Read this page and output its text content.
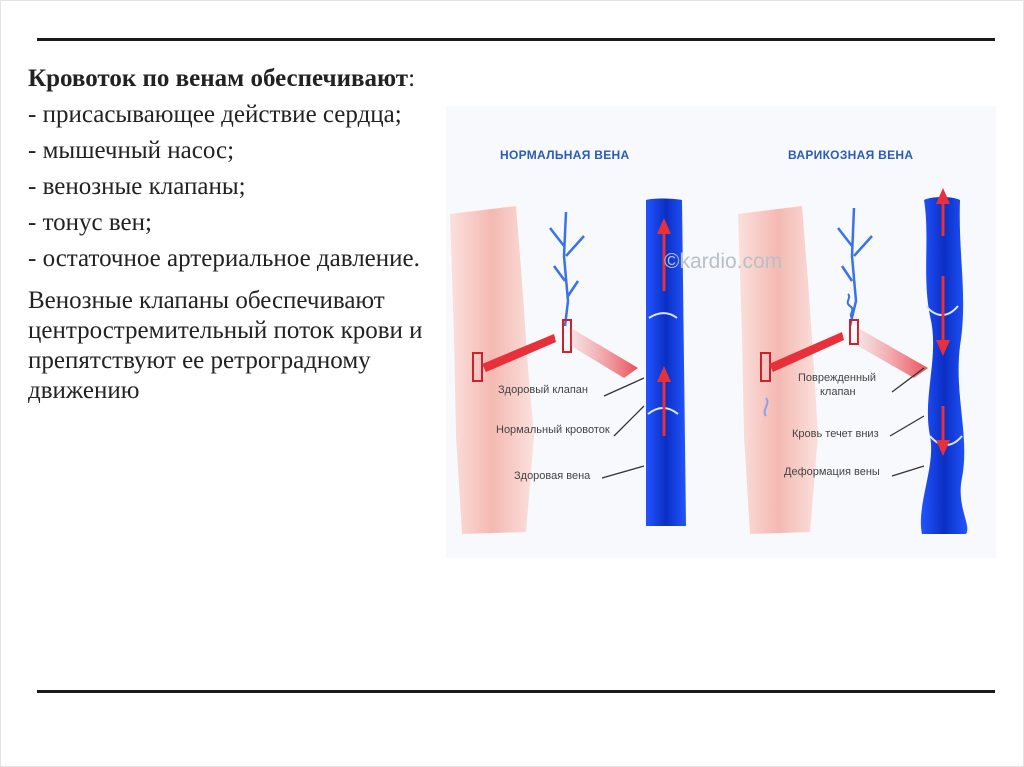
Кровоток по венам обеспечивают:
- присасывающее действие сердца;
- мышечный насос;
- венозные клапаны;
- тонус вен;
- остаточное артериальное давление.
Венозные клапаны обеспечивают центростремительный поток крови и препятствуют ее ретроградному движению
НОРМАЛЬНАЯ ВЕНА	ВАРИКОЗНАЯ ВЕНА
©kardio.com
Здоровый клапан
Нормальный кровоток
Здоровая вена
Поврежденный
клапан
Кровь течет вниз
Деформация вены
